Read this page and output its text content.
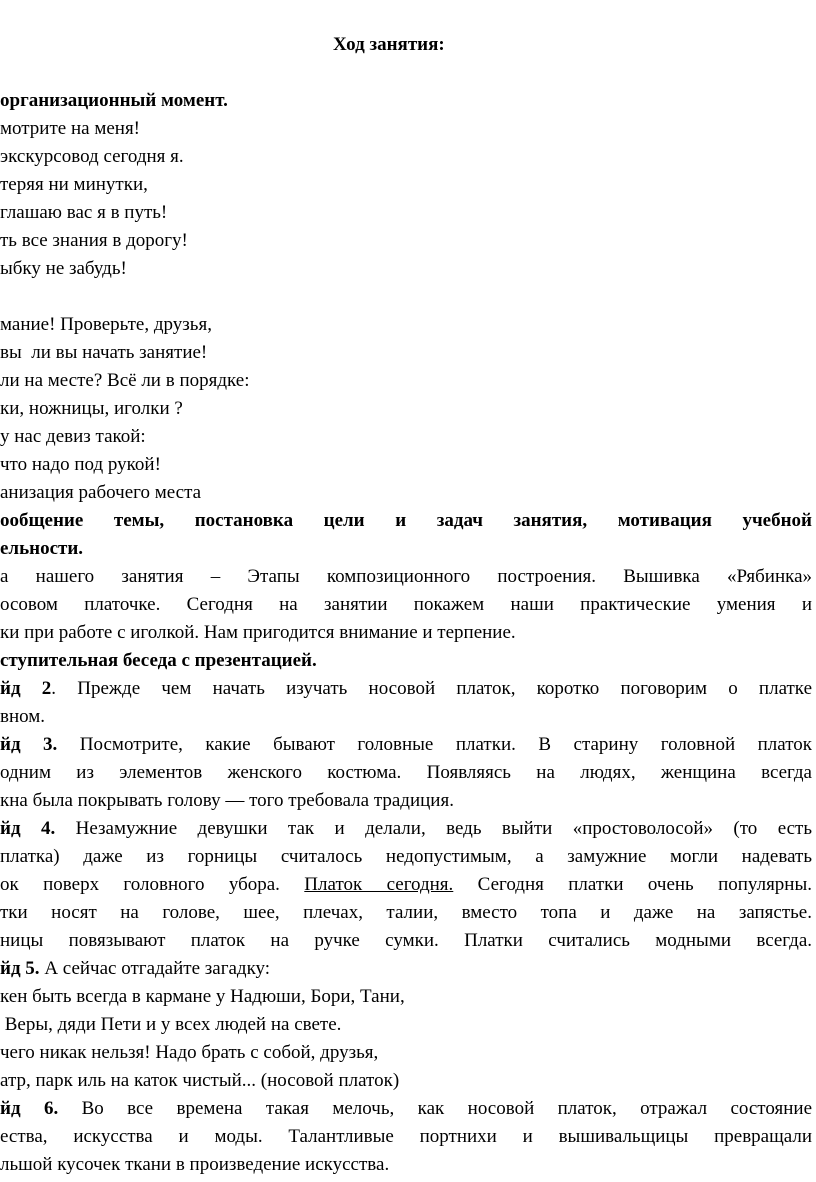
Ход занятия:
организационный момент.
мотрите на меня!
экскурсовод сегодня я.
теряя ни минутки,
глашаю вас я в путь!
ть все знания в дорогу!
ыбку не забудь!
мание! Проверьте, друзья,
вы  ли вы начать занятие!
ли на месте? Всё ли в порядке:
ки, ножницы, иголки ?
у нас девиз такой:
что надо под рукой!
анизация рабочего места
ообщение темы, постановка цели и задач занятия, мотивация учебной
ельности.
а нашего занятия – Этапы композиционного построения. Вышивка «Рябинка»
осовом платочке. Сегодня на занятии покажем наши практические умения и
ки при работе с иголкой. Нам пригодится внимание и терпение.
ступительная беседа с презентацией.
йд 2. Прежде чем начать изучать носовой платок, коротко поговорим о платке
вном.
йд 3. Посмотрите, какие бывают головные платки. В старину головной платок
одним из элементов женского костюма. Появляясь на людях, женщина всегда
кна была покрывать голову — того требовала традиция.
йд 4. Незамужние девушки так и делали, ведь выйти «простоволосой» (то есть
платка) даже из горницы считалось недопустимым, а замужние могли надевать
ок поверх головного убора. Платок сегодня. Сегодня платки очень популярны.
тки носят на голове, шее, плечах, талии, вместо топа и даже на запястье.
ницы повязывают платок на ручке сумки. Платки считались модными всегда.
йд 5. А сейчас отгадайте загадку:
кен быть всегда в кармане у Надюши, Бори, Тани,
Веры, дяди Пети и у всех людей на свете.
чего никак нельзя! Надо брать с собой, друзья,
атр, парк иль на каток чистый... (носовой платок)
йд 6. Во все времена такая мелочь, как носовой платок, отражал состояние
ества, искусства и моды. Талантливые портнихи и вышивальщицы превращали
льшой кусочек ткани в произведение искусства.
